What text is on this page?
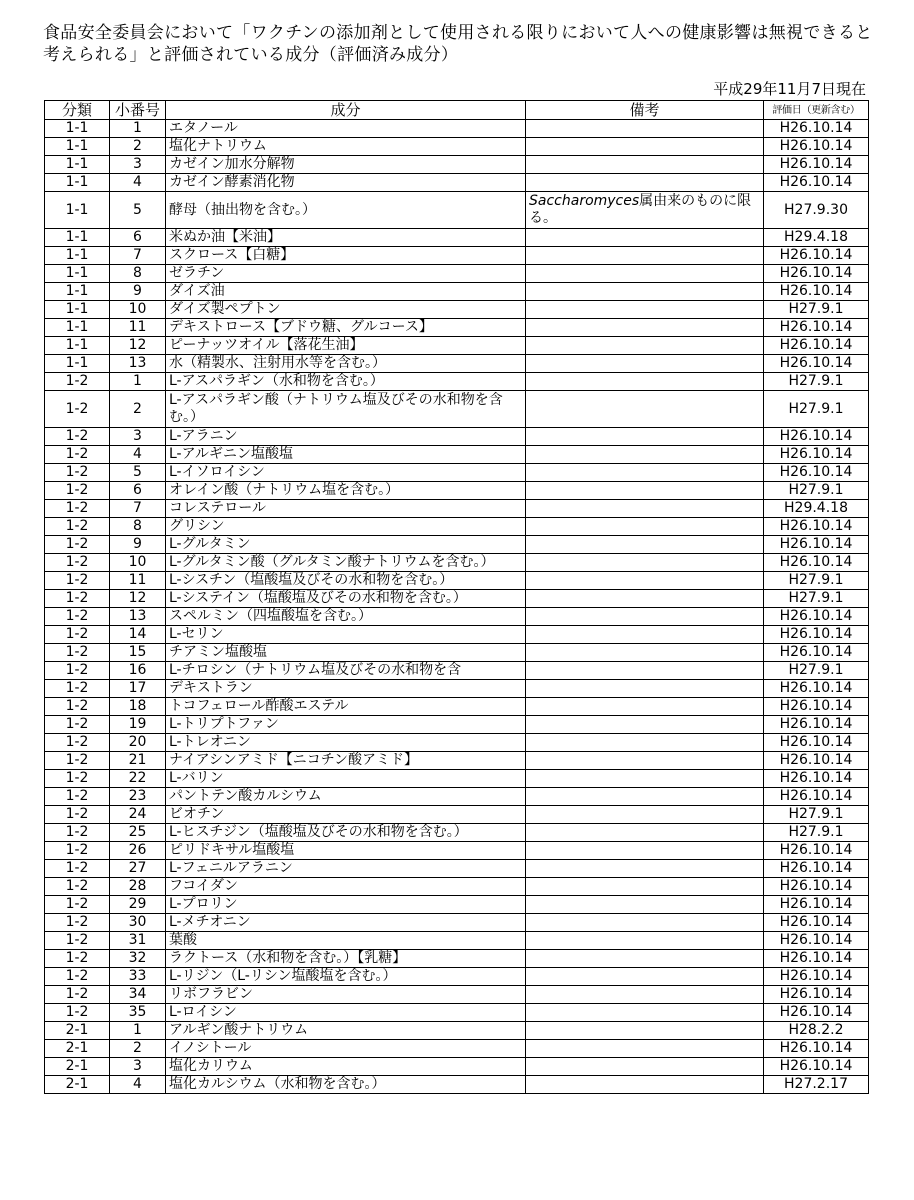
食品安全委員会において「ワクチンの添加剤として使用される限りにおいて人への健康影響は無視できると考えられる」と評価されている成分（評価済み成分）
平成29年11月7日現在
分類	小番号	成分	備考	評価日（更新含む）
1-1	1	エタノール		H26.10.14
1-1	2	塩化ナトリウム		H26.10.14
1-1	3	カゼイン加水分解物		H26.10.14
1-1	4	カゼイン酵素消化物		H26.10.14
1-1	5	酵母（抽出物を含む。）	Saccharomyces属由来のものに限る。	H27.9.30
1-1	6	米ぬか油【米油】		H29.4.18
1-1	7	スクロース【白糖】		H26.10.14
1-1	8	ゼラチン		H26.10.14
1-1	9	ダイズ油		H26.10.14
1-1	10	ダイズ製ペプトン		H27.9.1
1-1	11	デキストロース【ブドウ糖、グルコース】		H26.10.14
1-1	12	ピーナッツオイル【落花生油】		H26.10.14
1-1	13	水（精製水、注射用水等を含む。）		H26.10.14
1-2	1	L-アスパラギン（水和物を含む。）		H27.9.1
1-2	2	L-アスパラギン酸（ナトリウム塩及びその水和物を含む。）		H27.9.1
1-2	3	L-アラニン		H26.10.14
1-2	4	L-アルギニン塩酸塩		H26.10.14
1-2	5	L-イソロイシン		H26.10.14
1-2	6	オレイン酸（ナトリウム塩を含む。）		H27.9.1
1-2	7	コレステロール		H29.4.18
1-2	8	グリシン		H26.10.14
1-2	9	L-グルタミン		H26.10.14
1-2	10	L-グルタミン酸（グルタミン酸ナトリウムを含む。）		H26.10.14
1-2	11	L-シスチン（塩酸塩及びその水和物を含む。）		H27.9.1
1-2	12	L-システイン（塩酸塩及びその水和物を含む。）		H27.9.1
1-2	13	スペルミン（四塩酸塩を含む。）		H26.10.14
1-2	14	L-セリン		H26.10.14
1-2	15	チアミン塩酸塩		H26.10.14
1-2	16	L-チロシン（ナトリウム塩及びその水和物を含		H27.9.1
1-2	17	デキストラン		H26.10.14
1-2	18	トコフェロール酢酸エステル		H26.10.14
1-2	19	L-トリプトファン		H26.10.14
1-2	20	L-トレオニン		H26.10.14
1-2	21	ナイアシンアミド【ニコチン酸アミド】		H26.10.14
1-2	22	L-バリン		H26.10.14
1-2	23	パントテン酸カルシウム		H26.10.14
1-2	24	ビオチン		H27.9.1
1-2	25	L-ヒスチジン（塩酸塩及びその水和物を含む。）		H27.9.1
1-2	26	ピリドキサル塩酸塩		H26.10.14
1-2	27	L-フェニルアラニン		H26.10.14
1-2	28	フコイダン		H26.10.14
1-2	29	L-プロリン		H26.10.14
1-2	30	L-メチオニン		H26.10.14
1-2	31	葉酸		H26.10.14
1-2	32	ラクトース（水和物を含む。）【乳糖】		H26.10.14
1-2	33	L-リジン（L-リシン塩酸塩を含む。）		H26.10.14
1-2	34	リボフラビン		H26.10.14
1-2	35	L-ロイシン		H26.10.14
2-1	1	アルギン酸ナトリウム		H28.2.2
2-1	2	イノシトール		H26.10.14
2-1	3	塩化カリウム		H26.10.14
2-1	4	塩化カルシウム（水和物を含む。）		H27.2.17
